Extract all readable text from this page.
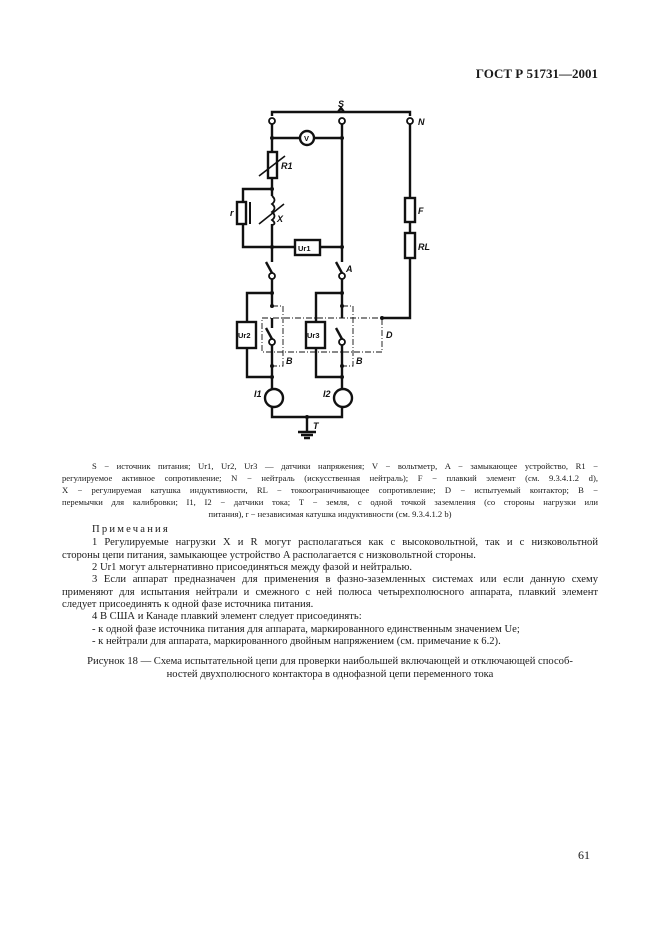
ГОСТ Р 51731—2001
S
N
V
R1
r
X
Ur1
A
F
RL
Ur2	Ur3	D
B	B
I1	I2
T
S − источник питания; Ur1, Ur2, Ur3 — датчики напряжения; V − вольтметр, A − замыкающее устройство, R1 −
регулируемое активное сопротивление; N − нейтраль (искусственная нейтраль); F − плавкий элемент (см. 9.3.4.1.2 d),
X − регулируемая катушка индуктивности, RL − токоограничивающее сопротивление; D − испытуемый контактор; B −
перемычки для калибровки; I1, I2 − датчики тока; T − земля, с одной точкой заземления (со стороны нагрузки или
питания), r − независимая катушка индуктивности (см. 9.3.4.1.2 b)
Примечания
1 Регулируемые нагрузки X и R могут располагаться как с высоковольтной, так и с низковольтной
стороны цепи питания, замыкающее устройство A располагается с низковольтной стороны.
2 Ur1 могут альтернативно присоединяться между фазой и нейтралью.
3 Если аппарат предназначен для применения в фазно-заземленных системах или если данную схему
применяют для испытания нейтрали и смежного с ней полюса четырехполюсного аппарата, плавкий элемент
следует присоединять к одной фазе источника питания.
4 В США и Канаде плавкий элемент следует присоединять:
- к одной фазе источника питания для аппарата, маркированного единственным значением Ue;
- к нейтрали для аппарата, маркированного двойным напряжением (см. примечание к 6.2).
Рисунок 18 — Схема испытательной цепи для проверки наибольшей включающей и отключающей способ-
ностей двухполюсного контактора в однофазной цепи переменного тока
61
